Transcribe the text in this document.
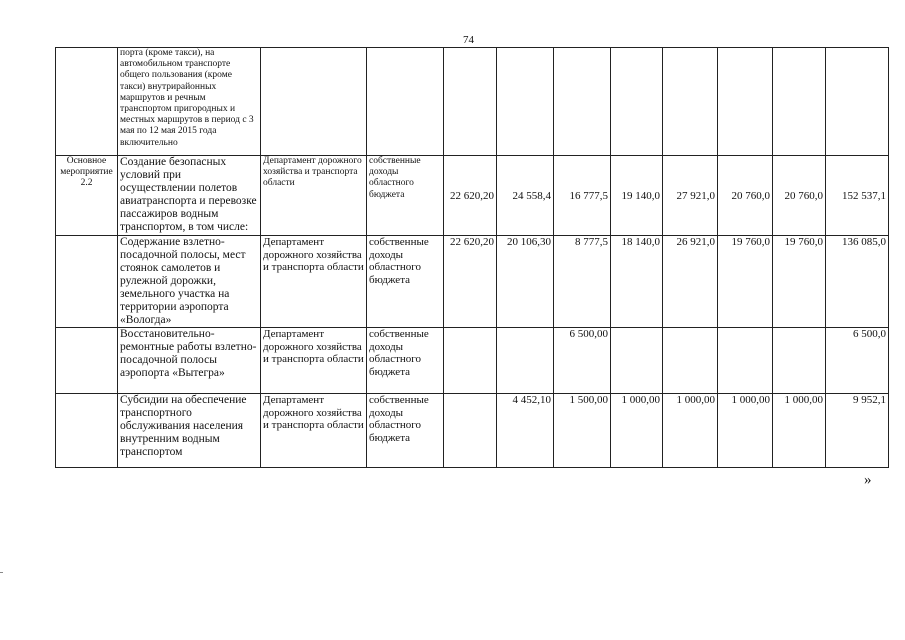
74
	порта (кроме такси), на автомобильном транспорте общего пользования (кроме такси) внутрирайонных маршрутов и речным транспортом пригородных и местных маршрутов в период с 3 мая по 12 мая 2015 года включительно										
Основное мероприятие 2.2	Создание безопасных условий при осуществлении полетов авиатранспорта и перевозке пассажиров водным транспортом, в том числе:	Департамент дорожного хозяйства и транспорта области	собственные доходы областного бюджета	22 620,20	24 558,4	16 777,5	19 140,0	27 921,0	20 760,0	20 760,0	152 537,1
	Содержание взлетно-посадочной полосы, мест стоянок самолетов и рулежной дорожки, земельного участка на территории аэропорта «Вологда»	Департамент дорожного хозяйства и транспорта области	собственные доходы областного бюджета	22 620,20	20 106,30	8 777,5	18 140,0	26 921,0	19 760,0	19 760,0	136 085,0
	Восстановительно-ремонтные работы взлетно-посадочной полосы аэропорта «Вытегра»	Департамент дорожного хозяйства и транспорта области	собственные доходы областного бюджета			6 500,00					6 500,0
	Субсидии на обеспечение транспортного обслуживания населения внутренним водным транспортом	Департамент дорожного хозяйства и транспорта области	собственные доходы областного бюджета		4 452,10	1 500,00	1 000,00	1 000,00	1 000,00	1 000,00	9 952,1
»
